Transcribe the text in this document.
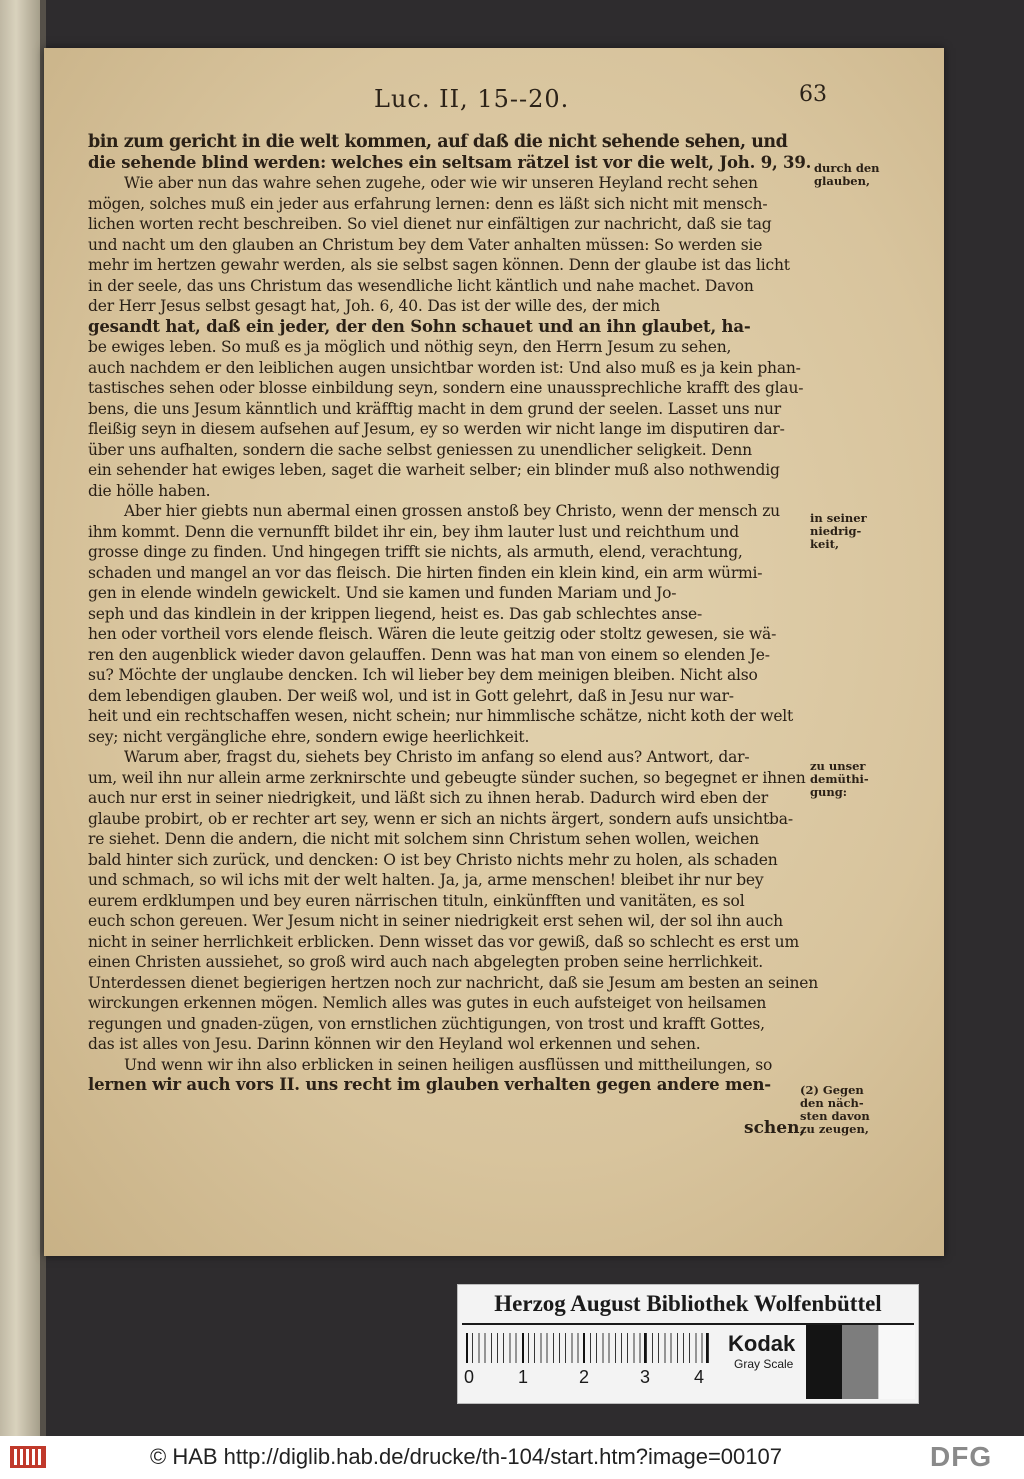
Luc. II, 15--20.	63
bin zum gericht in die welt kommen, auf daß die nicht sehende sehen, und
die sehende blind werden: welches ein seltsam rätzel ist vor die welt, Joh. 9, 39.
Wie aber nun das wahre sehen zugehe, oder wie wir unseren Heyland recht sehen
mögen, solches muß ein jeder aus erfahrung lernen: denn es läßt sich nicht mit mensch-
lichen worten recht beschreiben. So viel dienet nur einfältigen zur nachricht, daß sie tag
und nacht um den glauben an Christum bey dem Vater anhalten müssen: So werden sie
mehr im hertzen gewahr werden, als sie selbst sagen können. Denn der glaube ist das licht
in der seele, das uns Christum das wesendliche licht käntlich und nahe machet. Davon
der Herr Jesus selbst gesagt hat, Joh. 6, 40. Das ist der wille des, der mich
gesandt hat, daß ein jeder, der den Sohn schauet und an ihn glaubet, ha-
be ewiges leben. So muß es ja möglich und nöthig seyn, den Herrn Jesum zu sehen,
auch nachdem er den leiblichen augen unsichtbar worden ist: Und also muß es ja kein phan-
tastisches sehen oder blosse einbildung seyn, sondern eine unaussprechliche krafft des glau-
bens, die uns Jesum känntlich und kräfftig macht in dem grund der seelen. Lasset uns nur
fleißig seyn in diesem aufsehen auf Jesum, ey so werden wir nicht lange im disputiren dar-
über uns aufhalten, sondern die sache selbst geniessen zu unendlicher seligkeit. Denn
ein sehender hat ewiges leben, saget die warheit selber; ein blinder muß also nothwendig
die hölle haben.
Aber hier giebts nun abermal einen grossen anstoß bey Christo, wenn der mensch zu
ihm kommt. Denn die vernunfft bildet ihr ein, bey ihm lauter lust und reichthum und
grosse dinge zu finden. Und hingegen trifft sie nichts, als armuth, elend, verachtung,
schaden und mangel an vor das fleisch. Die hirten finden ein klein kind, ein arm würmi-
gen in elende windeln gewickelt. Und sie kamen und funden Mariam und Jo-
seph und das kindlein in der krippen liegend, heist es. Das gab schlechtes anse-
hen oder vortheil vors elende fleisch. Wären die leute geitzig oder stoltz gewesen, sie wä-
ren den augenblick wieder davon gelauffen. Denn was hat man von einem so elenden Je-
su? Möchte der unglaube dencken. Ich wil lieber bey dem meinigen bleiben. Nicht also
dem lebendigen glauben. Der weiß wol, und ist in Gott gelehrt, daß in Jesu nur war-
heit und ein rechtschaffen wesen, nicht schein; nur himmlische schätze, nicht koth der welt
sey; nicht vergängliche ehre, sondern ewige heerlichkeit.
Warum aber, fragst du, siehets bey Christo im anfang so elend aus? Antwort, dar-
um, weil ihn nur allein arme zerknirschte und gebeugte sünder suchen, so begegnet er ihnen
auch nur erst in seiner niedrigkeit, und läßt sich zu ihnen herab. Dadurch wird eben der
glaube probirt, ob er rechter art sey, wenn er sich an nichts ärgert, sondern aufs unsichtba-
re siehet. Denn die andern, die nicht mit solchem sinn Christum sehen wollen, weichen
bald hinter sich zurück, und dencken: O ist bey Christo nichts mehr zu holen, als schaden
und schmach, so wil ichs mit der welt halten. Ja, ja, arme menschen! bleibet ihr nur bey
eurem erdklumpen und bey euren närrischen tituln, einkünfften und vanitäten, es sol
euch schon gereuen. Wer Jesum nicht in seiner niedrigkeit erst sehen wil, der sol ihn auch
nicht in seiner herrlichkeit erblicken. Denn wisset das vor gewiß, daß so schlecht es erst um
einen Christen aussiehet, so groß wird auch nach abgelegten proben seine herrlichkeit.
Unterdessen dienet begierigen hertzen noch zur nachricht, daß sie Jesum am besten an seinen
wirckungen erkennen mögen. Nemlich alles was gutes in euch aufsteiget von heilsamen
regungen und gnaden-zügen, von ernstlichen züchtigungen, von trost und krafft Gottes,
das ist alles von Jesu. Darinn können wir den Heyland wol erkennen und sehen.
Und wenn wir ihn also erblicken in seinen heiligen ausflüssen und mittheilungen, so
lernen wir auch vors II. uns recht im glauben verhalten gegen andere men-
schen,
durch den
glauben,
in seiner
niedrig-
keit,
zu unser
demüthi-
gung:
(2) Gegen
den näch-
sten davon
zu zeugen,
Herzog August Bibliothek Wolfenbüttel
0 1	2	3 4
Kodak
Gray Scale
© HAB http://diglib.hab.de/drucke/th-104/start.htm?image=00107	DFG
